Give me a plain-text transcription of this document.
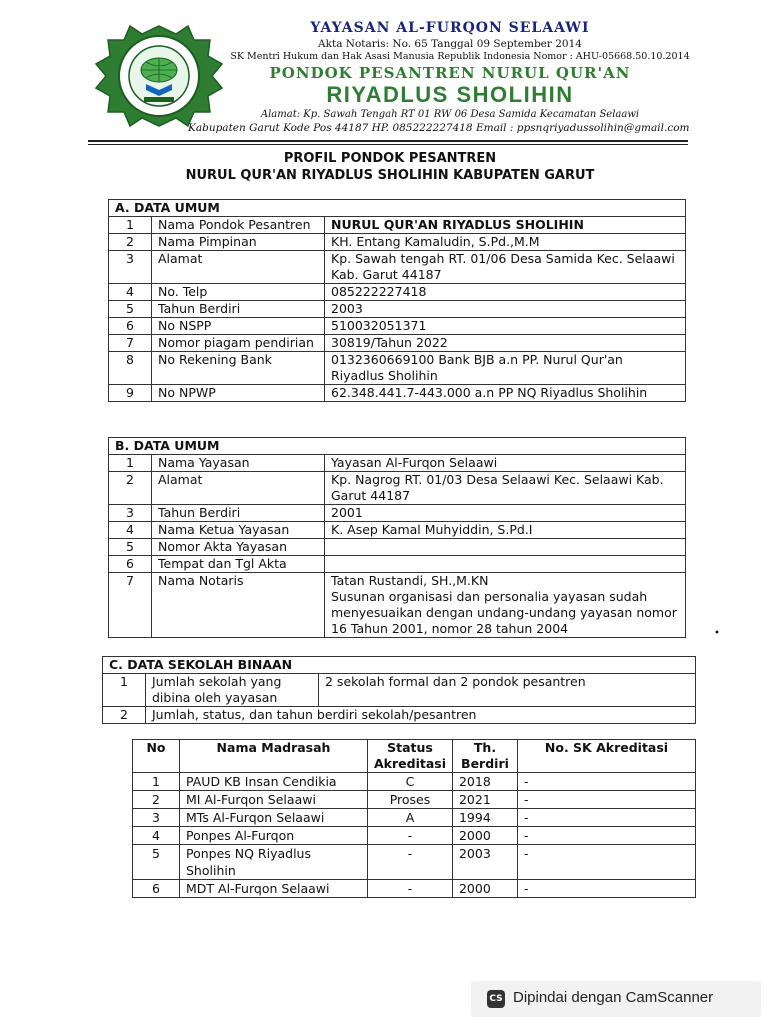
YAYASAN AL-FURQON SELAAWI
Akta Notaris: No. 65 Tanggal 09 September 2014
SK Mentri Hukum dan Hak Asasi Manusia Republik Indonesia Nomor : AHU-05668.50.10.2014
PONDOK PESANTREN NURUL QUR'AN
RIYADLUS SHOLIHIN
Alamat: Kp. Sawah Tengah RT 01 RW 06 Desa Samida Kecamatan Selaawi
Kabupaten Garut Kode Pos 44187 HP. 085222227418 Email : ppsnqriyadussolihin@gmail.com
PROFIL PONDOK PESANTREN
NURUL QUR'AN RIYADLUS SHOLIHIN KABUPATEN GARUT
A. DATA UMUM		
1	Nama Pondok Pesantren	NURUL QUR'AN RIYADLUS SHOLIHIN
2	Nama Pimpinan	KH. Entang Kamaludin, S.Pd.,M.M
3	Alamat	Kp. Sawah tengah RT. 01/06 Desa Samida Kec. Selaawi Kab. Garut 44187
4	No. Telp	085222227418
5	Tahun Berdiri	2003
6	No NSPP	510032051371
7	Nomor piagam pendirian	30819/Tahun 2022
8	No Rekening Bank	0132360669100 Bank BJB a.n PP. Nurul Qur'an Riyadlus Sholihin
9	No NPWP	62.348.441.7-443.000 a.n PP NQ Riyadlus Sholihin
B. DATA UMUM		
1	Nama Yayasan	Yayasan Al-Furqon Selaawi
2	Alamat	Kp. Nagrog RT. 01/03 Desa Selaawi Kec. Selaawi Kab. Garut 44187
3	Tahun Berdiri	2001
4	Nama Ketua Yayasan	K. Asep Kamal Muhyiddin, S.Pd.I
5	Nomor Akta Yayasan	
6	Tempat dan Tgl Akta	
7	Nama Notaris	Tatan Rustandi, SH.,M.KN
Susunan organisasi dan personalia yayasan sudah menyesuaikan dengan undang-undang yayasan nomor 16 Tahun 2001, nomor 28 tahun 2004	•
C. DATA SEKOLAH BINAAN		
1	Jumlah sekolah yang dibina oleh yayasan	2 sekolah formal dan 2 pondok pesantren
2	Jumlah, status, dan tahun berdiri sekolah/pesantren	
No	Nama Madrasah	Status Akreditasi	Th. Berdiri	No. SK Akreditasi
1	PAUD KB Insan Cendikia	C	2018	-
2	MI Al-Furqon Selaawi	Proses	2021	-
3	MTs Al-Furqon Selaawi	A	1994	-
4	Ponpes Al-Furqon	-	2000	-
5	Ponpes NQ Riyadlus Sholihin	-	2003	-
6	MDT Al-Furqon Selaawi	-	2000	-
CS Dipindai dengan CamScanner
